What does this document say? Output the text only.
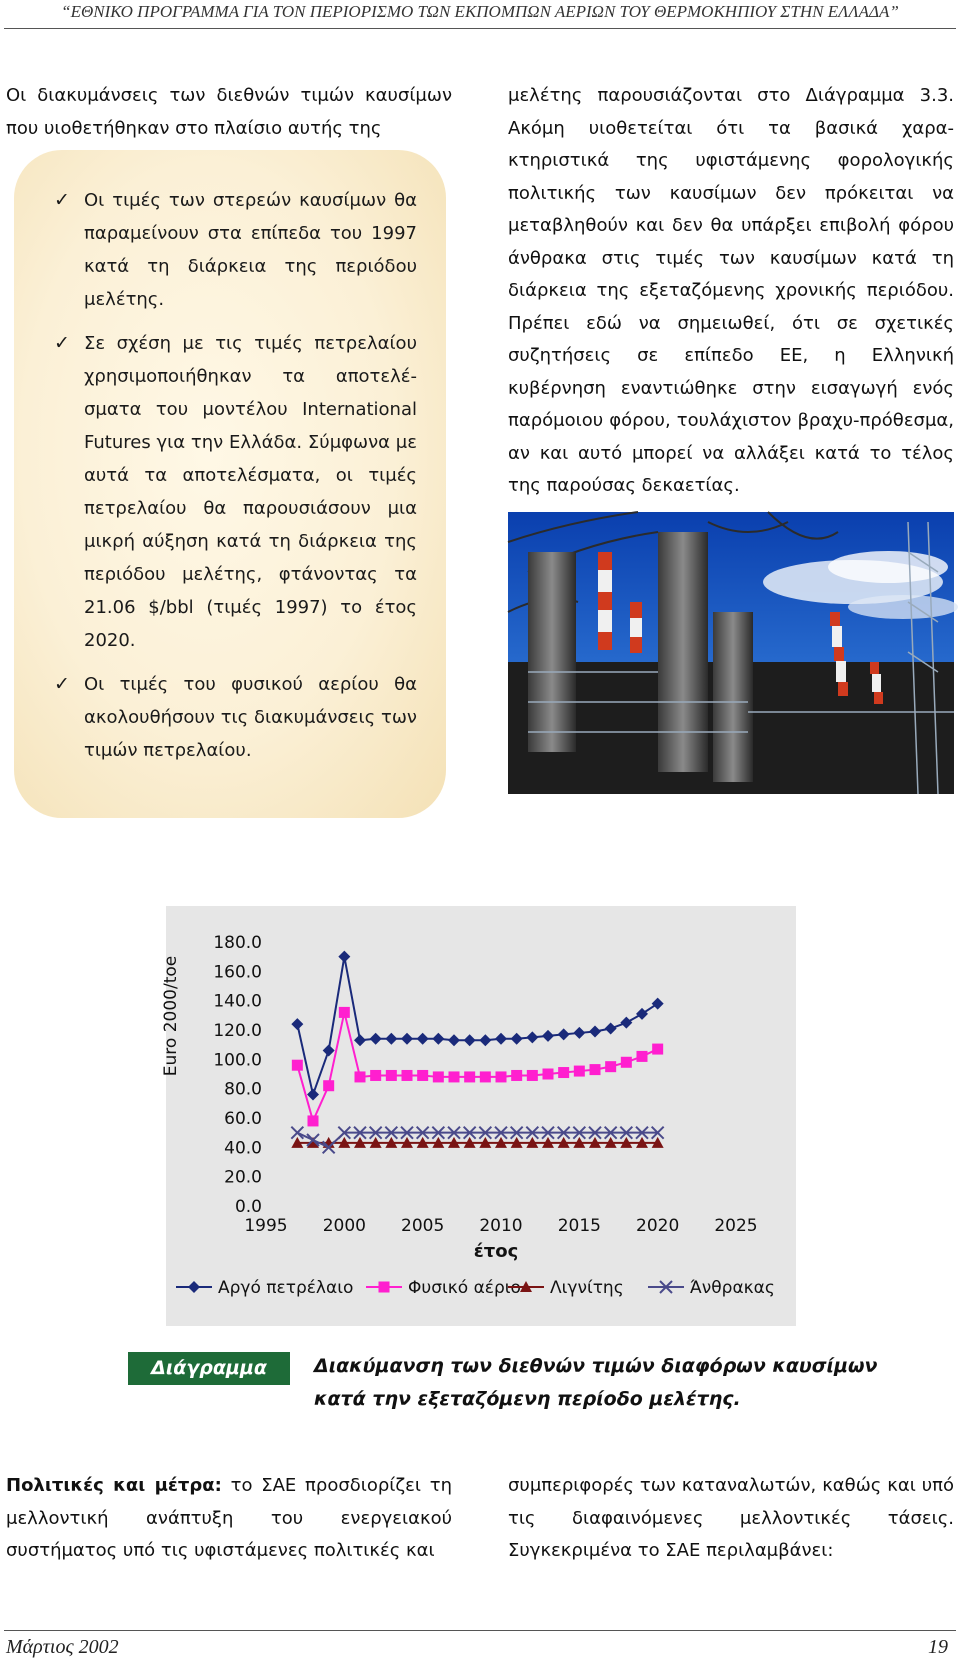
“ΕΘΝΙΚΟ ΠΡΟΓΡΑΜΜΑ ΓΙΑ ΤΟΝ ΠΕΡΙΟΡΙΣΜΟ ΤΩΝ ΕΚΠΟΜΠΩΝ ΑΕΡΙΩΝ ΤΟΥ ΘΕΡΜΟΚΗΠΙΟΥ ΣΤΗΝ ΕΛΛΑΔΑ”

Οι διακυμάνσεις των διεθνών τιμών καυσίμων που υιοθετήθηκαν στο πλαίσιο αυτής της

✓ Οι τιμές των στερεών καυσίμων θα παραμείνουν στα επίπεδα του 1997 κατά τη διάρκεια της περιόδου μελέτης.
✓ Σε σχέση με τις τιμές πετρελαίου χρησιμοποιήθηκαν τα αποτελέ-σματα του μοντέλου International Futures για την Ελλάδα. Σύμφωνα με αυτά τα αποτελέσματα, οι τιμές πετρελαίου θα παρουσιάσουν μια μικρή αύξηση κατά τη διάρκεια της περιόδου μελέτης, φτάνοντας τα 21.06 $/bbl (τιμές 1997) το έτος 2020.
✓ Οι τιμές του φυσικού αερίου θα ακολουθήσουν τις διακυμάνσεις των τιμών πετρελαίου.

μελέτης παρουσιάζονται στο Διάγραμμα 3.3. Ακόμη υιοθετείται ότι τα βασικά χαρα-κτηριστικά της υφιστάμενης φορολογικής πολιτικής των καυσίμων δεν πρόκειται να μεταβληθούν και δεν θα υπάρξει επιβολή φόρου άνθρακα στις τιμές των καυσίμων κατά τη διάρκεια της εξεταζόμενης χρονικής περιόδου. Πρέπει εδώ να σημειωθεί, ότι σε σχετικές συζητήσεις σε επίπεδο ΕΕ, η Ελληνική κυβέρνηση εναντιώθηκε στην εισαγωγή ενός παρόμοιου φόρου, τουλάχιστον βραχυ-πρόθεσμα, αν και αυτό μπορεί να αλλάξει κατά το τέλος της παρούσας δεκαετίας.

0.0
20.0
40.0
60.0
80.0
100.0
120.0
140.0
160.0
180.0
1995 2000 2005 2010 2015 2020 2025
Euro 2000/toe
έτος
Αργό πετρέλαιο	Φυσικό αέριο Λιγνίτης	Άνθρακας
Διάγραμμα 3.3:
Διακύμανση των διεθνών τιμών διαφόρων καυσίμων κατά την εξεταζόμενη περίοδο μελέτης.

Πολιτικές και μέτρα: το ΣΑΕ προσδιορίζει τη μελλοντική ανάπτυξη του ενεργειακού συστήματος υπό τις υφιστάμενες πολιτικές και

συμπεριφορές των καταναλωτών, καθώς και υπό τις διαφαινόμενες μελλοντικές τάσεις. Συγκεκριμένα το ΣΑΕ περιλαμβάνει:

Μάρτιος 2002	19
